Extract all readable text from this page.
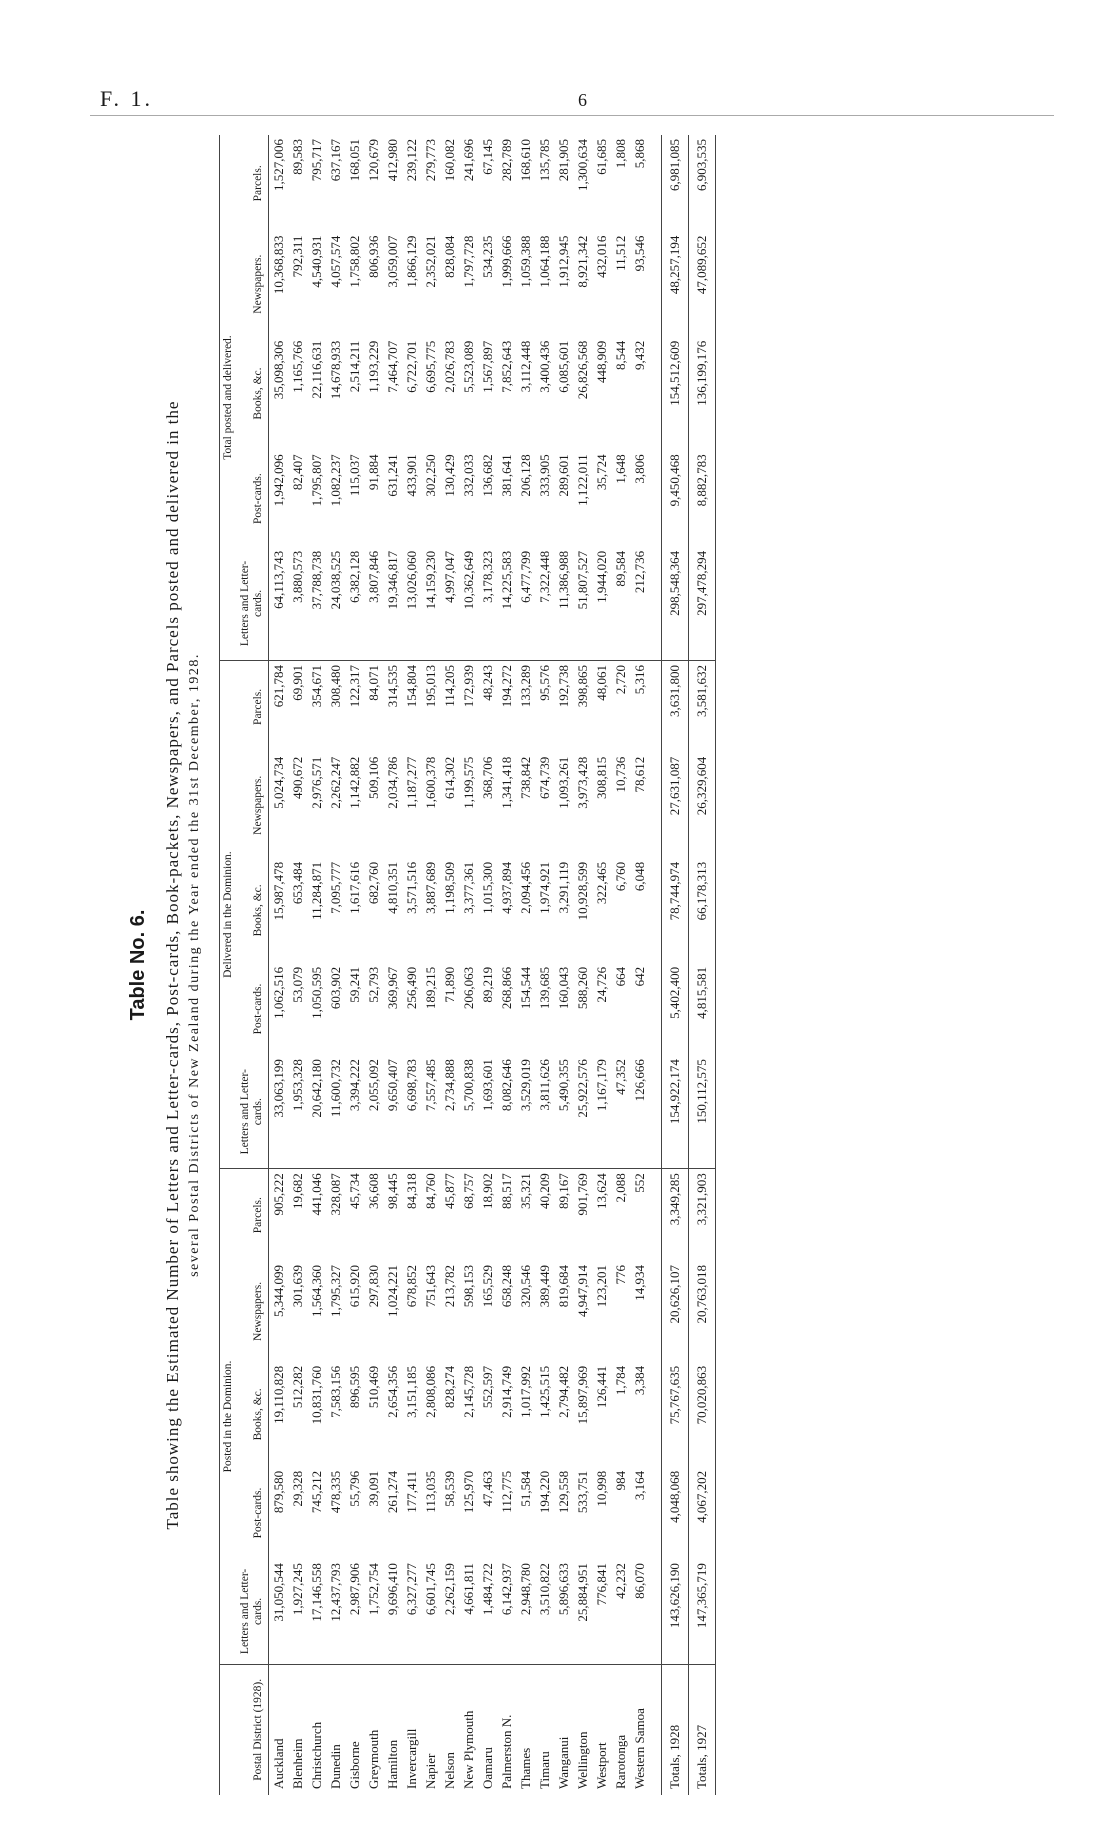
F. 1.	6
Table No. 6. Table showing the Estimated Number of Letters and Letter-cards, Post-cards, Book-packets, Newspapers, and Parcels posted and delivered in the several Postal Districts of New Zealand during the Year ended the 31st December, 1928.
Postal District (1928).	Posted in the Dominion.					Delivered in the Dominion.					Total posted and delivered.				
	Letters and Letter-cards.	Post-cards.	Books, &c.	Newspapers.	Parcels.	Letters and Letter-cards.	Post-cards.	Books, &c.	Newspapers.	Parcels.	Letters and Letter-cards.	Post-cards.	Books, &c.	Newspapers.	Parcels.
Auckland	31,050,544	879,580	19,110,828	5,344,099	905,222	33,063,199	1,062,516	15,987,478	5,024,734	621,784	64,113,743	1,942,096	35,098,306	10,368,833	1,527,006
Blenheim	1,927,245	29,328	512,282	301,639	19,682	1,953,328	53,079	653,484	490,672	69,901	3,880,573	82,407	1,165,766	792,311	89,583
Christchurch	17,146,558	745,212	10,831,760	1,564,360	441,046	20,642,180	1,050,595	11,284,871	2,976,571	354,671	37,788,738	1,795,807	22,116,631	4,540,931	795,717
Dunedin	12,437,793	478,335	7,583,156	1,795,327	328,087	11,600,732	603,902	7,095,777	2,262,247	308,480	24,038,525	1,082,237	14,678,933	4,057,574	637,167
Gisborne	2,987,906	55,796	896,595	615,920	45,734	3,394,222	59,241	1,617,616	1,142,882	122,317	6,382,128	115,037	2,514,211	1,758,802	168,051
Greymouth	1,752,754	39,091	510,469	297,830	36,608	2,055,092	52,793	682,760	509,106	84,071	3,807,846	91,884	1,193,229	806,936	120,679
Hamilton	9,696,410	261,274	2,654,356	1,024,221	98,445	9,650,407	369,967	4,810,351	2,034,786	314,535	19,346,817	631,241	7,464,707	3,059,007	412,980
Invercargill	6,327,277	177,411	3,151,185	678,852	84,318	6,698,783	256,490	3,571,516	1,187,277	154,804	13,026,060	433,901	6,722,701	1,866,129	239,122
Napier	6,601,745	113,035	2,808,086	751,643	84,760	7,557,485	189,215	3,887,689	1,600,378	195,013	14,159,230	302,250	6,695,775	2,352,021	279,773
Nelson	2,262,159	58,539	828,274	213,782	45,877	2,734,888	71,890	1,198,509	614,302	114,205	4,997,047	130,429	2,026,783	828,084	160,082
New Plymouth	4,661,811	125,970	2,145,728	598,153	68,757	5,700,838	206,063	3,377,361	1,199,575	172,939	10,362,649	332,033	5,523,089	1,797,728	241,696
Oamaru	1,484,722	47,463	552,597	165,529	18,902	1,693,601	89,219	1,015,300	368,706	48,243	3,178,323	136,682	1,567,897	534,235	67,145
Palmerston N.	6,142,937	112,775	2,914,749	658,248	88,517	8,082,646	268,866	4,937,894	1,341,418	194,272	14,225,583	381,641	7,852,643	1,999,666	282,789
Thames	2,948,780	51,584	1,017,992	320,546	35,321	3,529,019	154,544	2,094,456	738,842	133,289	6,477,799	206,128	3,112,448	1,059,388	168,610
Timaru	3,510,822	194,220	1,425,515	389,449	40,209	3,811,626	139,685	1,974,921	674,739	95,576	7,322,448	333,905	3,400,436	1,064,188	135,785
Wanganui	5,896,633	129,558	2,794,482	819,684	89,167	5,490,355	160,043	3,291,119	1,093,261	192,738	11,386,988	289,601	6,085,601	1,912,945	281,905
Wellington	25,884,951	533,751	15,897,969	4,947,914	901,769	25,922,576	588,260	10,928,599	3,973,428	398,865	51,807,527	1,122,011	26,826,568	8,921,342	1,300,634
Westport	776,841	10,998	126,441	123,201	13,624	1,167,179	24,726	322,465	308,815	48,061	1,944,020	35,724	448,909	432,016	61,685
Rarotonga	42,232	984	1,784	776	2,088	47,352	664	6,760	10,736	2,720	89,584	1,648	8,544	11,512	1,808
Western Samoa	86,070	3,164	3,384	14,934	552	126,666	642	6,048	78,612	5,316	212,736	3,806	9,432	93,546	5,868

Totals, 1928	143,626,190	4,048,068	75,767,635	20,626,107	3,349,285	154,922,174	5,402,400	78,744,974	27,631,087	3,631,800	298,548,364	9,450,468	154,512,609	48,257,194	6,981,085
Totals, 1927	147,365,719	4,067,202	70,020,863	20,763,018	3,321,903	150,112,575	4,815,581	66,178,313	26,329,604	3,581,632	297,478,294	8,882,783	136,199,176	47,089,652	6,903,535
